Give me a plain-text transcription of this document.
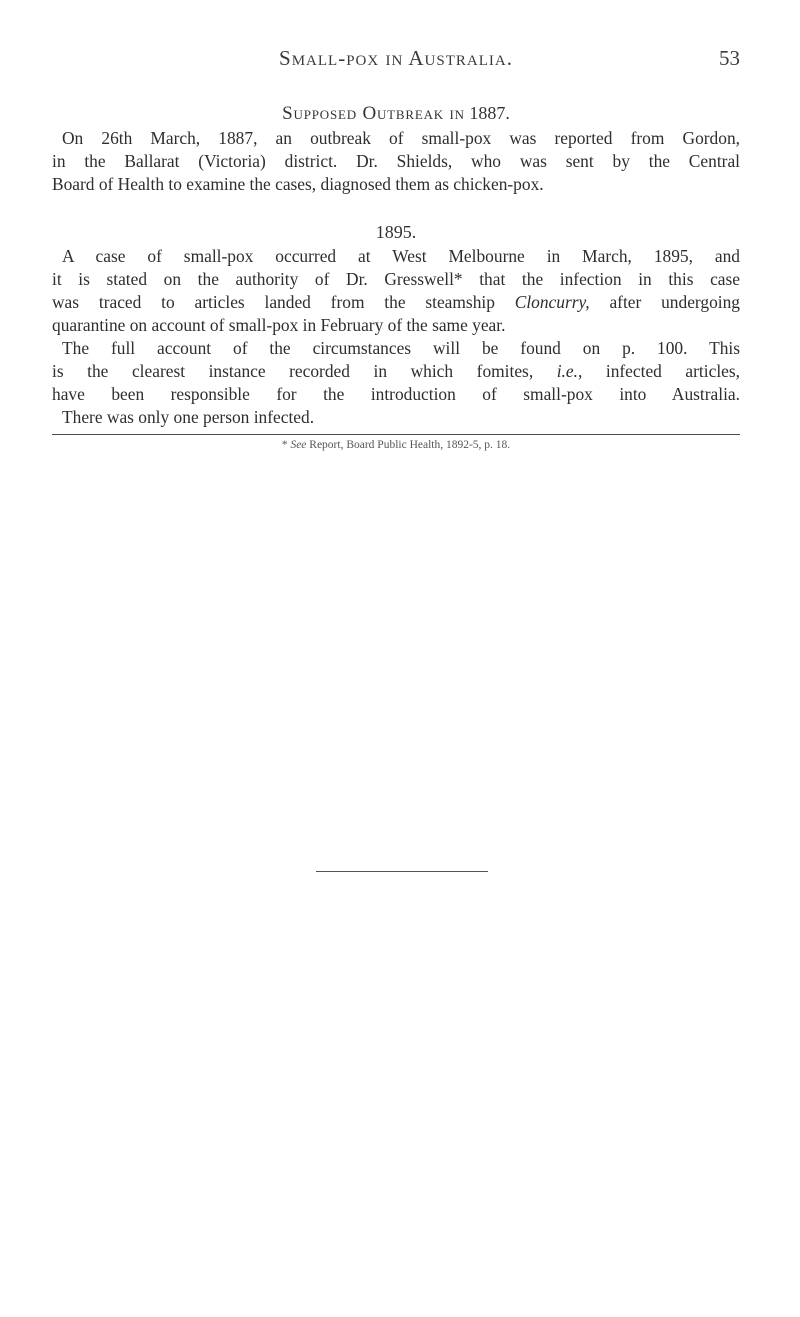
Small-pox in Australia.	53
Supposed Outbreak in 1887.
On 26th March, 1887, an outbreak of small-pox was reported from Gordon,
in the Ballarat (Victoria) district. Dr. Shields, who was sent by the Central
Board of Health to examine the cases, diagnosed them as chicken-pox.
1895.
A case of small-pox occurred at West Melbourne in March, 1895, and
it is stated on the authority of Dr. Gresswell* that the infection in this case
was traced to articles landed from the steamship Cloncurry, after undergoing
quarantine on account of small-pox in February of the same year.
The full account of the circumstances will be found on p. 100. This
is the clearest instance recorded in which fomites, i.e., infected articles,
have been responsible for the introduction of small-pox into Australia.
There was only one person infected.
* See Report, Board Public Health, 1892-5, p. 18.
